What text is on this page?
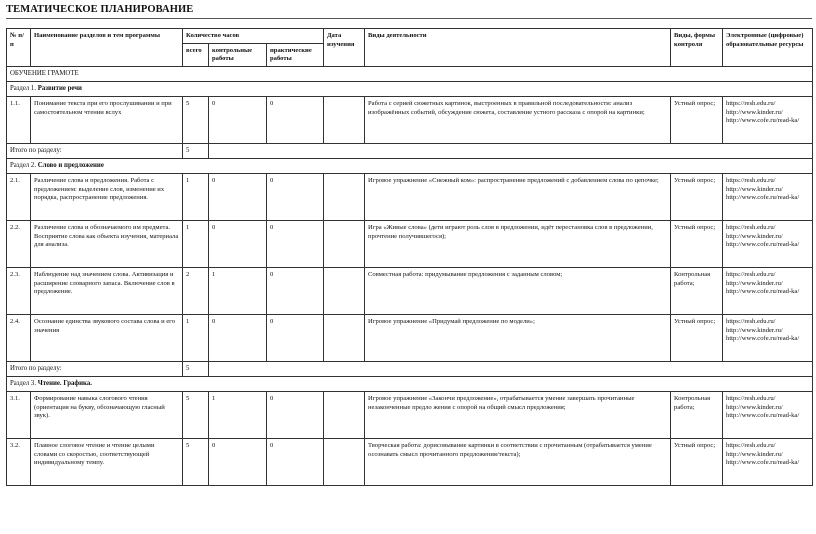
ТЕМАТИЧЕСКОЕ ПЛАНИРОВАНИЕ
№ п/п	Наименование разделов и тем программы	Количество часов			Дата изучения	Виды деятельности	Виды, формы контроля	Электронные (цифровые) образовательные ресурсы
		всего	контрольные работы	практические работы				
ОБУЧЕНИЕ ГРАМОТЕ								
Раздел 1. Развитие речи								
1.1.	Понимание текста при его прослушивании и при самостоятельном чтении вслух	5	0	0		Работа с серией сюжетных картинок, выстроенных в правильной последовательности: анализ изображённых событий, обсуждение сюжета, составление устного рассказа с опорой на картинки;	Устный опрос;	https://resh.edu.ru/
http://www.kinder.ru/
http://www.cofe.ru/read-ka/

Итого по разделу:		5						
Раздел 2. Слово и предложение								
2.1.	Различение слова и предложения. Работа с предложением: выделение слов, изменение их порядка, распространение предложения.	1	0	0		Игровое упражнение «Снежный ком»: распространение предложений с добавлением слова по цепочке;	Устный опрос;	https://resh.edu.ru/
http://www.kinder.ru/
http://www.cofe.ru/read-ka/

2.2.	Различение слова и обозначаемого им предмета. Восприятие слова как объекта изучения, материала для анализа.	1	0	0		Игра «Живые слова» (дети играют роль слов в предложении, идёт перестановка слов в предложении, прочтение получившегося);	Устный опрос;	https://resh.edu.ru/
http://www.kinder.ru/
http://www.cofe.ru/read-ka/

2.3.	Наблюдение над значением слова. Активизация и расширение словарного запаса. Включение слов в предложение.	2	1	0		Совместная работа: придумывание предложения с заданным словом;	Контрольная работа;	https://resh.edu.ru/
http://www.kinder.ru/
http://www.cofe.ru/read-ka/

2.4.	Осознание единства звукового состава слова и его значения	1	0	0		Игровое упражнение «Придумай предложение по модели»;	Устный опрос;	https://resh.edu.ru/
http://www.kinder.ru/
http://www.cofe.ru/read-ka/

Итого по разделу:		5						
Раздел 3. Чтение. Графика.								
3.1.	Формирование навыка слогового чтения (ориентация на букву, обозначающую гласный звук).	5	1	0		Игровое упражнение «Закончи предложение», отрабатывается умение завершать прочитанные незаконченные предло жения с опорой на общий смысл предложения;	Контрольная работа;	https://resh.edu.ru/
http://www.kinder.ru/
http://www.cofe.ru/read-ka/

3.2.	Плавное слоговое чтение и чтение целыми словами со скоростью, соответствующей индивидуальному темпу.	5	0	0		Творческая работа: дорисовывание картинки в соответствии с прочитанным (отрабатывается умение осознавать смысл прочитанного предложения/текста);	Устный опрос;	https://resh.edu.ru/
http://www.kinder.ru/
http://www.cofe.ru/read-ka/
